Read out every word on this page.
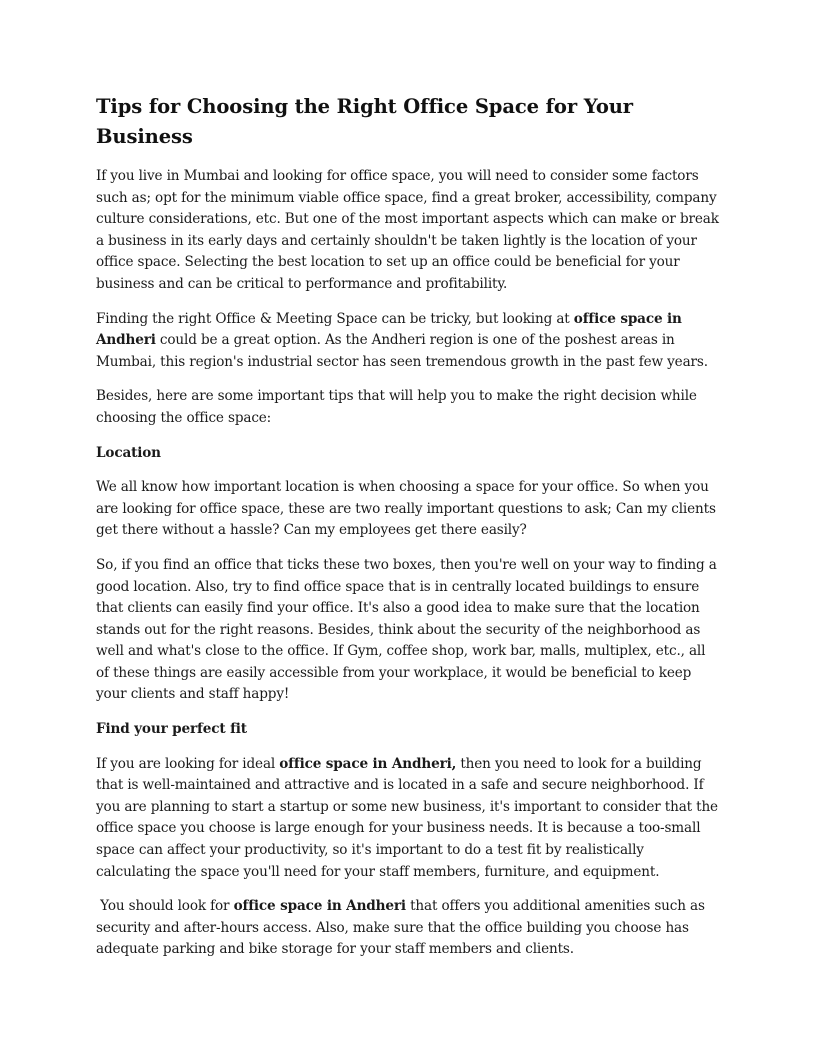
Tips for Choosing the Right Office Space for Your Business

If you live in Mumbai and looking for office space, you will need to consider some factors such as; opt for the minimum viable office space, find a great broker, accessibility, company culture considerations, etc. But one of the most important aspects which can make or break a business in its early days and certainly shouldn't be taken lightly is the location of your office space. Selecting the best location to set up an office could be beneficial for your business and can be critical to performance and profitability.

Finding the right Office & Meeting Space can be tricky, but looking at office space in Andheri could be a great option. As the Andheri region is one of the poshest areas in Mumbai, this region's industrial sector has seen tremendous growth in the past few years.

Besides, here are some important tips that will help you to make the right decision while choosing the office space:

Location

We all know how important location is when choosing a space for your office. So when you are looking for office space, these are two really important questions to ask; Can my clients get there without a hassle? Can my employees get there easily?

So, if you find an office that ticks these two boxes, then you're well on your way to finding a good location. Also, try to find office space that is in centrally located buildings to ensure that clients can easily find your office. It's also a good idea to make sure that the location stands out for the right reasons. Besides, think about the security of the neighborhood as well and what's close to the office. If Gym, coffee shop, work bar, malls, multiplex, etc., all of these things are easily accessible from your workplace, it would be beneficial to keep your clients and staff happy!

Find your perfect fit

If you are looking for ideal office space in Andheri, then you need to look for a building that is well-maintained and attractive and is located in a safe and secure neighborhood. If you are planning to start a startup or some new business, it's important to consider that the office space you choose is large enough for your business needs. It is because a too-small space can affect your productivity, so it's important to do a test fit by realistically calculating the space you'll need for your staff members, furniture, and equipment.

You should look for office space in Andheri that offers you additional amenities such as security and after-hours access. Also, make sure that the office building you choose has adequate parking and bike storage for your staff members and clients.
